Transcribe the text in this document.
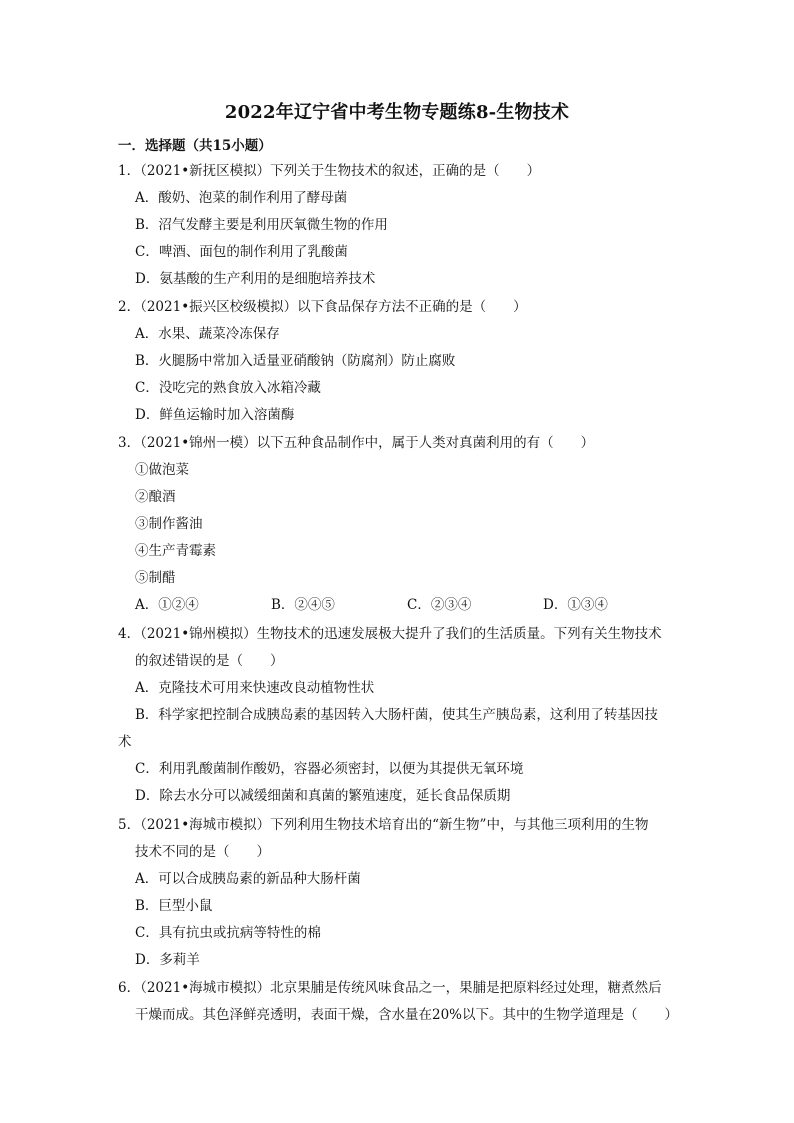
2022年辽宁省中考生物专题练8-生物技术
一．选择题（共15小题）
1．（2021•新抚区模拟）下列关于生物技术的叙述，正确的是（　　）
A．酸奶、泡菜的制作利用了酵母菌
B．沼气发酵主要是利用厌氧微生物的作用
C．啤酒、面包的制作利用了乳酸菌
D．氨基酸的生产利用的是细胞培养技术
2．（2021•振兴区校级模拟）以下食品保存方法不正确的是（　　）
A．水果、蔬菜冷冻保存
B．火腿肠中常加入适量亚硝酸钠（防腐剂）防止腐败
C．没吃完的熟食放入冰箱冷藏
D．鲜鱼运输时加入溶菌酶
3．（2021•锦州一模）以下五种食品制作中，属于人类对真菌利用的有（　　）
①做泡菜
②酿酒
③制作酱油
④生产青霉素
⑤制醋
A．①②④	B．②④⑤	C．②③④	D．①③④
4．（2021•锦州模拟）生物技术的迅速发展极大提升了我们的生活质量。下列有关生物技术
的叙述错误的是（　　）
A．克隆技术可用来快速改良动植物性状
B．科学家把控制合成胰岛素的基因转入大肠杆菌，使其生产胰岛素，这利用了转基因技
术
C．利用乳酸菌制作酸奶，容器必须密封，以便为其提供无氧环境
D．除去水分可以减缓细菌和真菌的繁殖速度，延长食品保质期
5．（2021•海城市模拟）下列利用生物技术培育出的“新生物”中，与其他三项利用的生物
技术不同的是（　　）
A．可以合成胰岛素的新品种大肠杆菌
B．巨型小鼠
C．具有抗虫或抗病等特性的棉
D．多莉羊
6．（2021•海城市模拟）北京果脯是传统风味食品之一，果脯是把原料经过处理，糖煮然后
干燥而成。其色泽鲜亮透明，表面干燥，含水量在20%以下。其中的生物学道理是（　　）
